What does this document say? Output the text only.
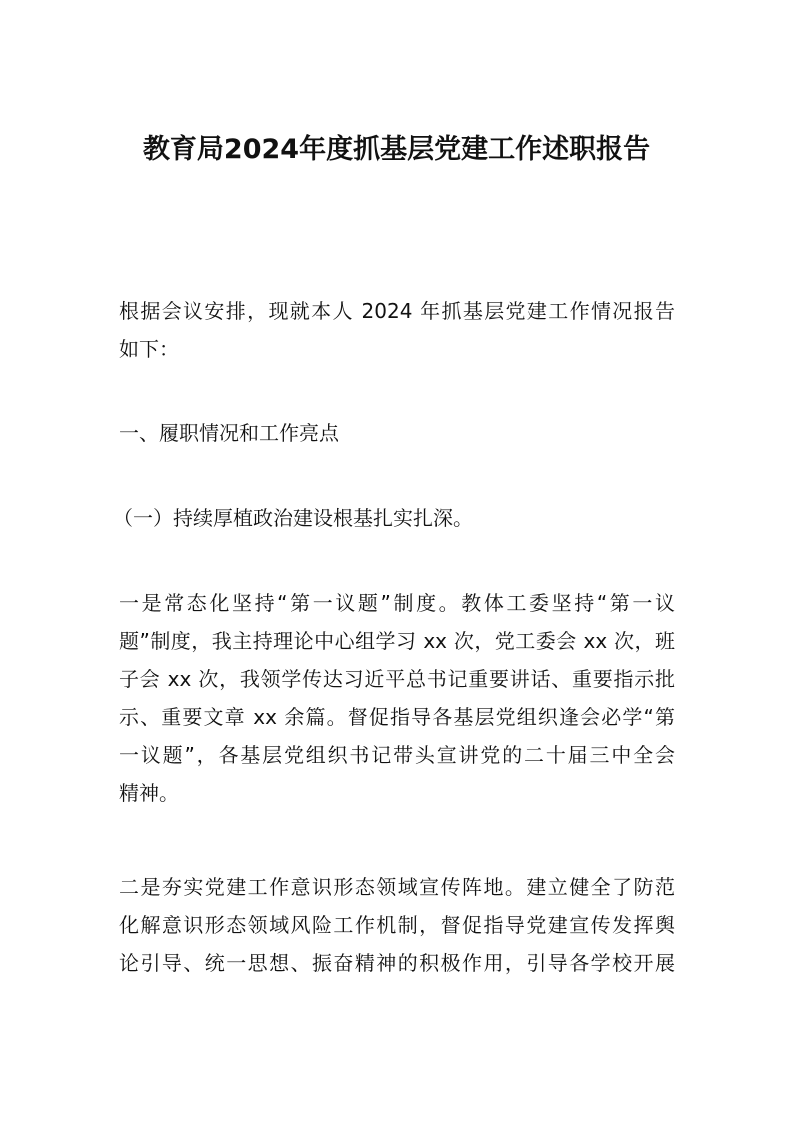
教育局2024年度抓基层党建工作述职报告
根据会议安排，现就本人 2024 年抓基层党建工作情况报告
如下：
一、履职情况和工作亮点
（一）持续厚植政治建设根基扎实扎深。
一是常态化坚持“第一议题”制度。教体工委坚持“第一议
题”制度，我主持理论中心组学习 xx 次，党工委会 xx 次，班
子会 xx 次，我领学传达习近平总书记重要讲话、重要指示批
示、重要文章 xx 余篇。督促指导各基层党组织逢会必学“第
一议题”，各基层党组织书记带头宣讲党的二十届三中全会
精神。
二是夯实党建工作意识形态领域宣传阵地。建立健全了防范
化解意识形态领域风险工作机制，督促指导党建宣传发挥舆
论引导、统一思想、振奋精神的积极作用，引导各学校开展
